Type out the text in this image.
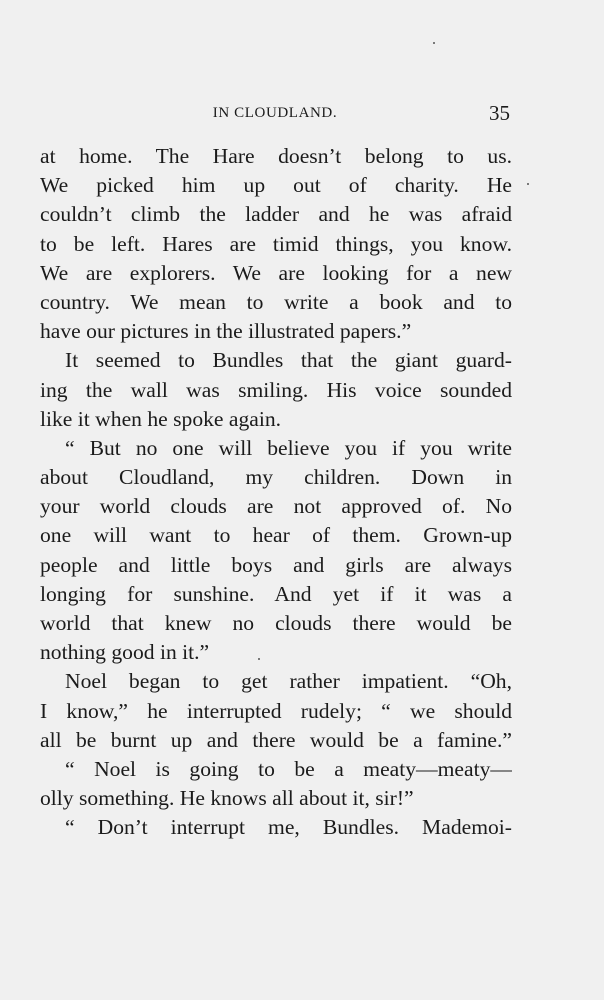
IN CLOUDLAND.	35
at home. The Hare doesn’t belong to us.
We picked him up out of charity. He
couldn’t climb the ladder and he was afraid
to be left. Hares are timid things, you know.
We are explorers. We are looking for a new
country. We mean to write a book and to
have our pictures in the illustrated papers.”
It seemed to Bundles that the giant guard-
ing the wall was smiling. His voice sounded
like it when he spoke again.
“ But no one will believe you if you write
about Cloudland, my children. Down in
your world clouds are not approved of. No
one will want to hear of them. Grown-up
people and little boys and girls are always
longing for sunshine. And yet if it was a
world that knew no clouds there would be
nothing good in it.”
Noel began to get rather impatient. “Oh,
I know,” he interrupted rudely; “ we should
all be burnt up and there would be a famine.”
“ Noel is going to be a meaty—meaty—
olly something. He knows all about it, sir!”
“ Don’t interrupt me, Bundles. Mademoi-
